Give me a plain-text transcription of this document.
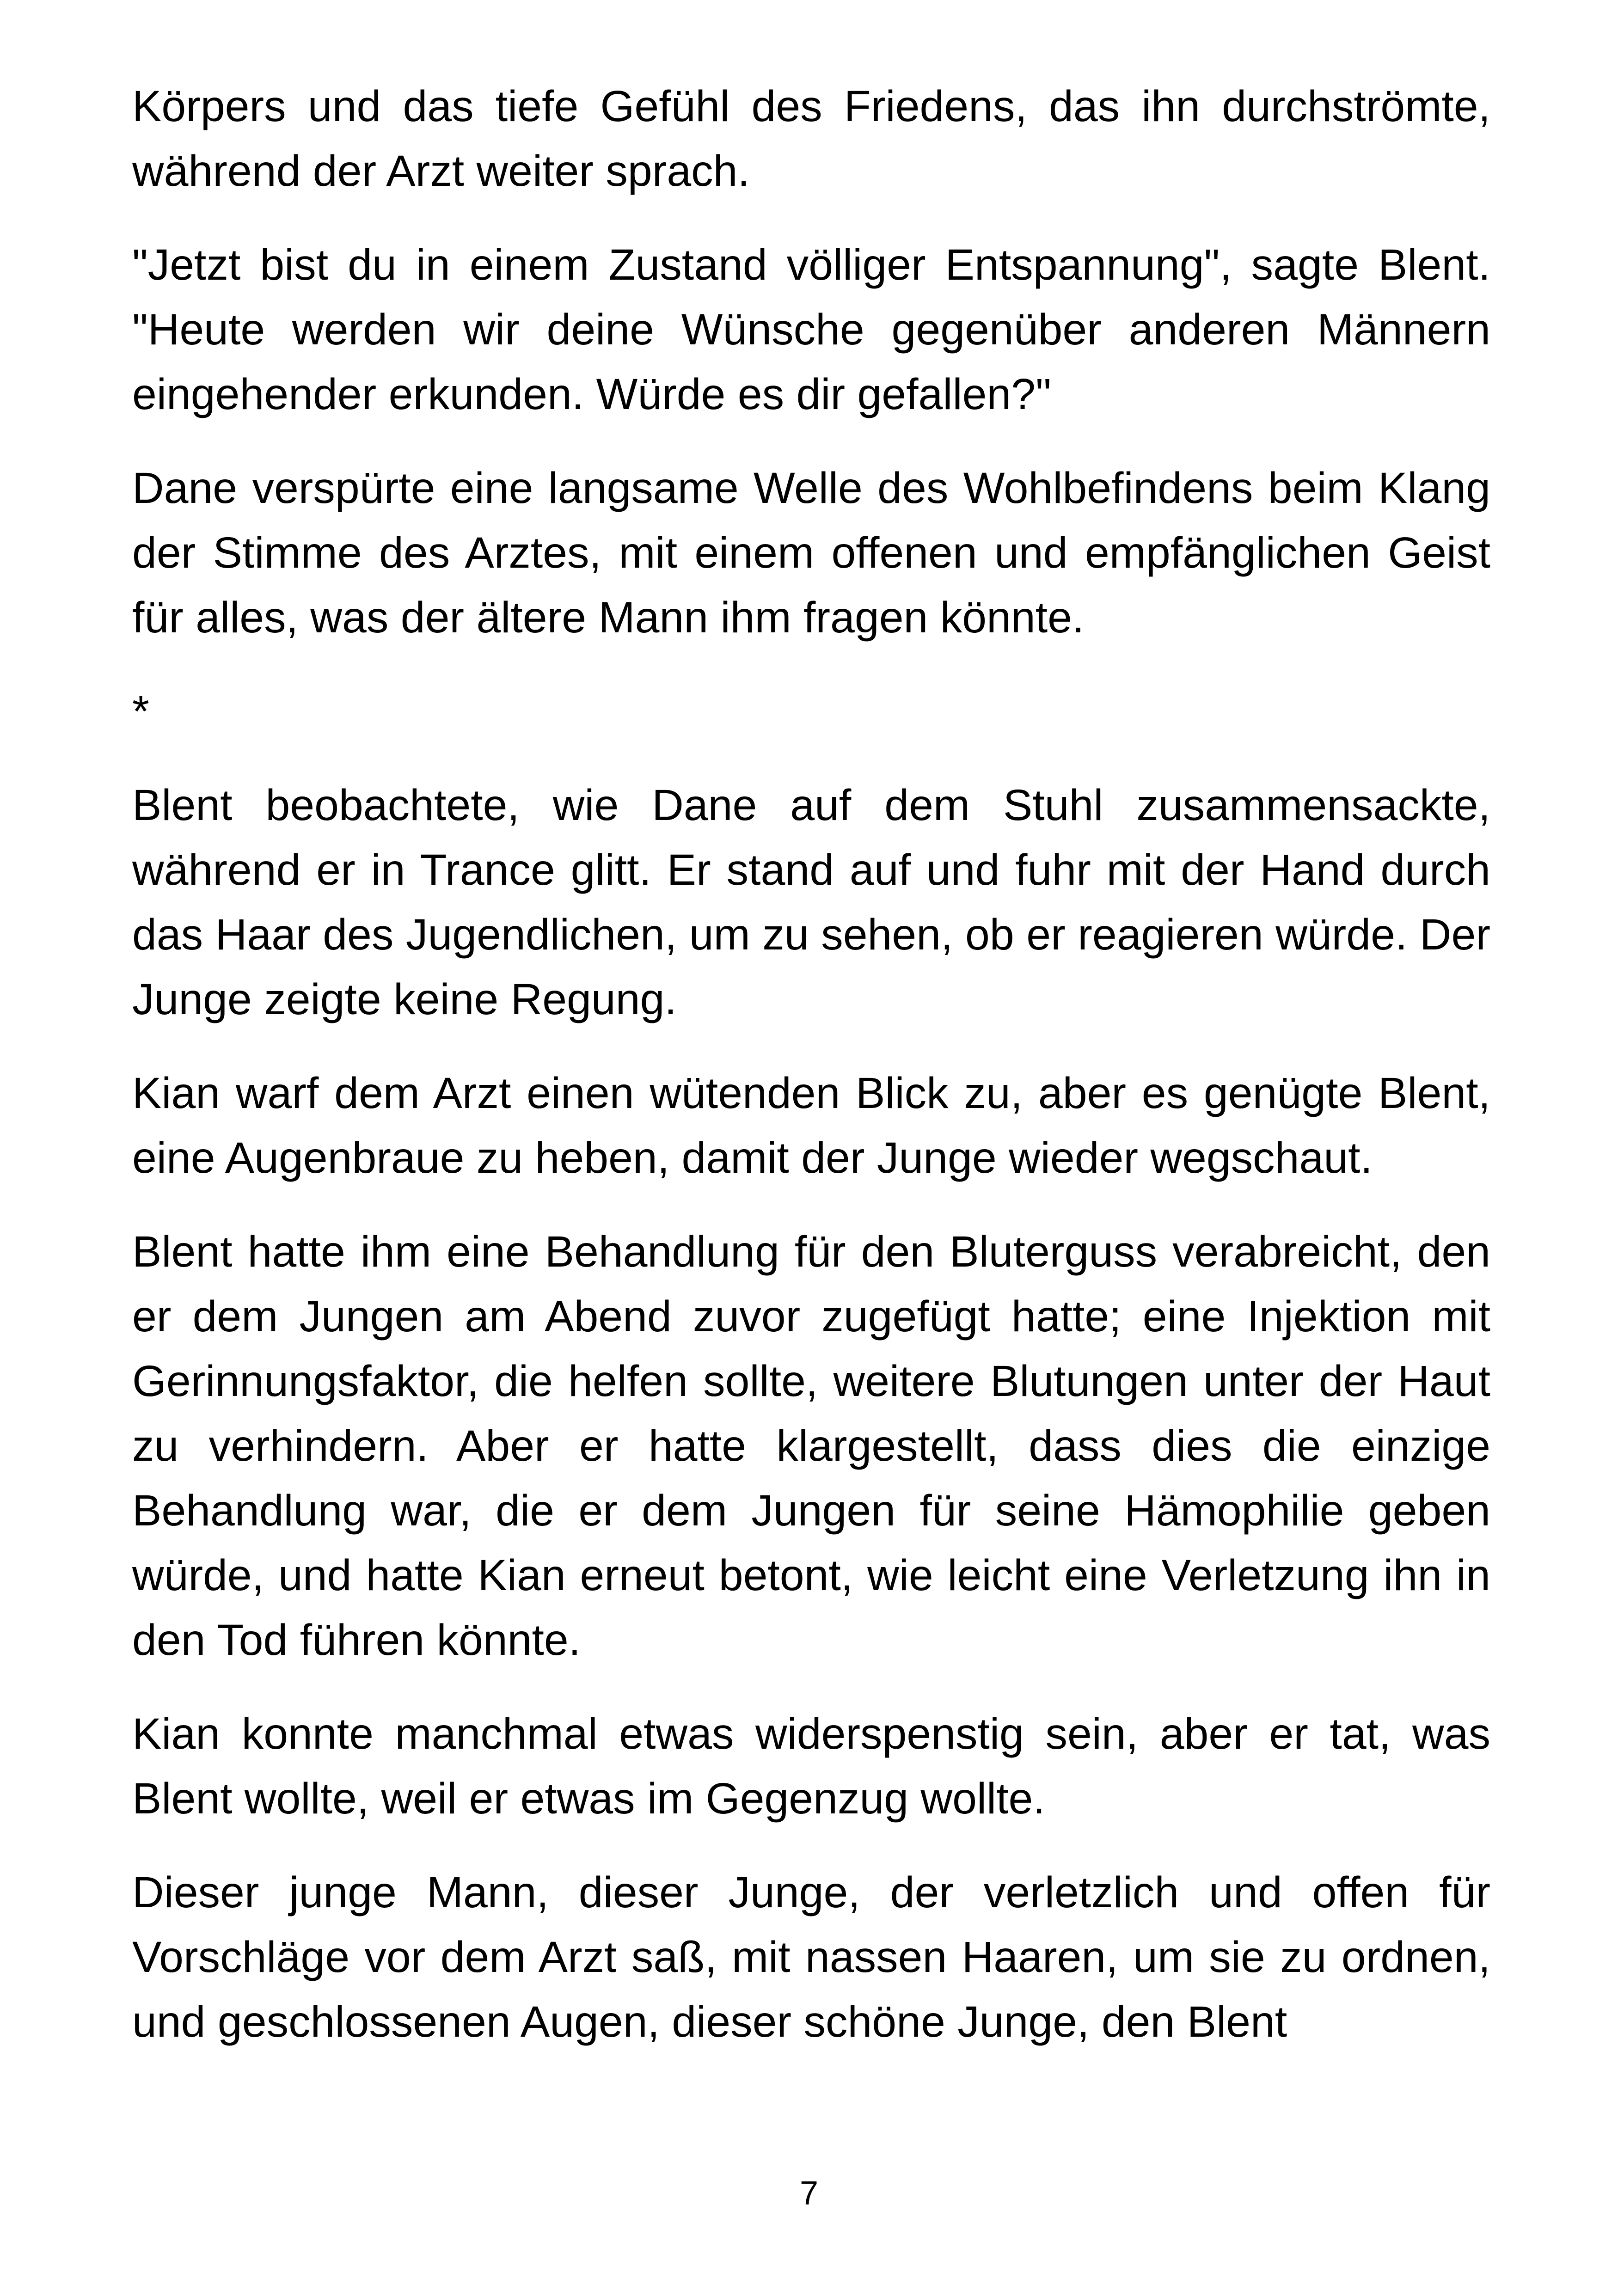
Körpers und das tiefe Gefühl des Friedens, das ihn durchströmte, während der Arzt weiter sprach.

"Jetzt bist du in einem Zustand völliger Entspannung", sagte Blent. "Heute werden wir deine Wünsche gegenüber anderen Männern eingehender erkunden. Würde es dir gefallen?"

Dane verspürte eine langsame Welle des Wohlbefindens beim Klang der Stimme des Arztes, mit einem offenen und empfänglichen Geist für alles, was der ältere Mann ihm fragen könnte.

*

Blent beobachtete, wie Dane auf dem Stuhl zusammensackte, während er in Trance glitt. Er stand auf und fuhr mit der Hand durch das Haar des Jugendlichen, um zu sehen, ob er reagieren würde. Der Junge zeigte keine Regung.

Kian warf dem Arzt einen wütenden Blick zu, aber es genügte Blent, eine Augenbraue zu heben, damit der Junge wieder wegschaut.

Blent hatte ihm eine Behandlung für den Bluterguss verabreicht, den er dem Jungen am Abend zuvor zugefügt hatte; eine Injektion mit Gerinnungsfaktor, die helfen sollte, weitere Blutungen unter der Haut zu verhindern. Aber er hatte klargestellt, dass dies die einzige Behandlung war, die er dem Jungen für seine Hämophilie geben würde, und hatte Kian erneut betont, wie leicht eine Verletzung ihn in den Tod führen könnte.

Kian konnte manchmal etwas widerspenstig sein, aber er tat, was Blent wollte, weil er etwas im Gegenzug wollte.

Dieser junge Mann, dieser Junge, der verletzlich und offen für Vorschläge vor dem Arzt saß, mit nassen Haaren, um sie zu ordnen, und geschlossenen Augen, dieser schöne Junge, den Blent

7
